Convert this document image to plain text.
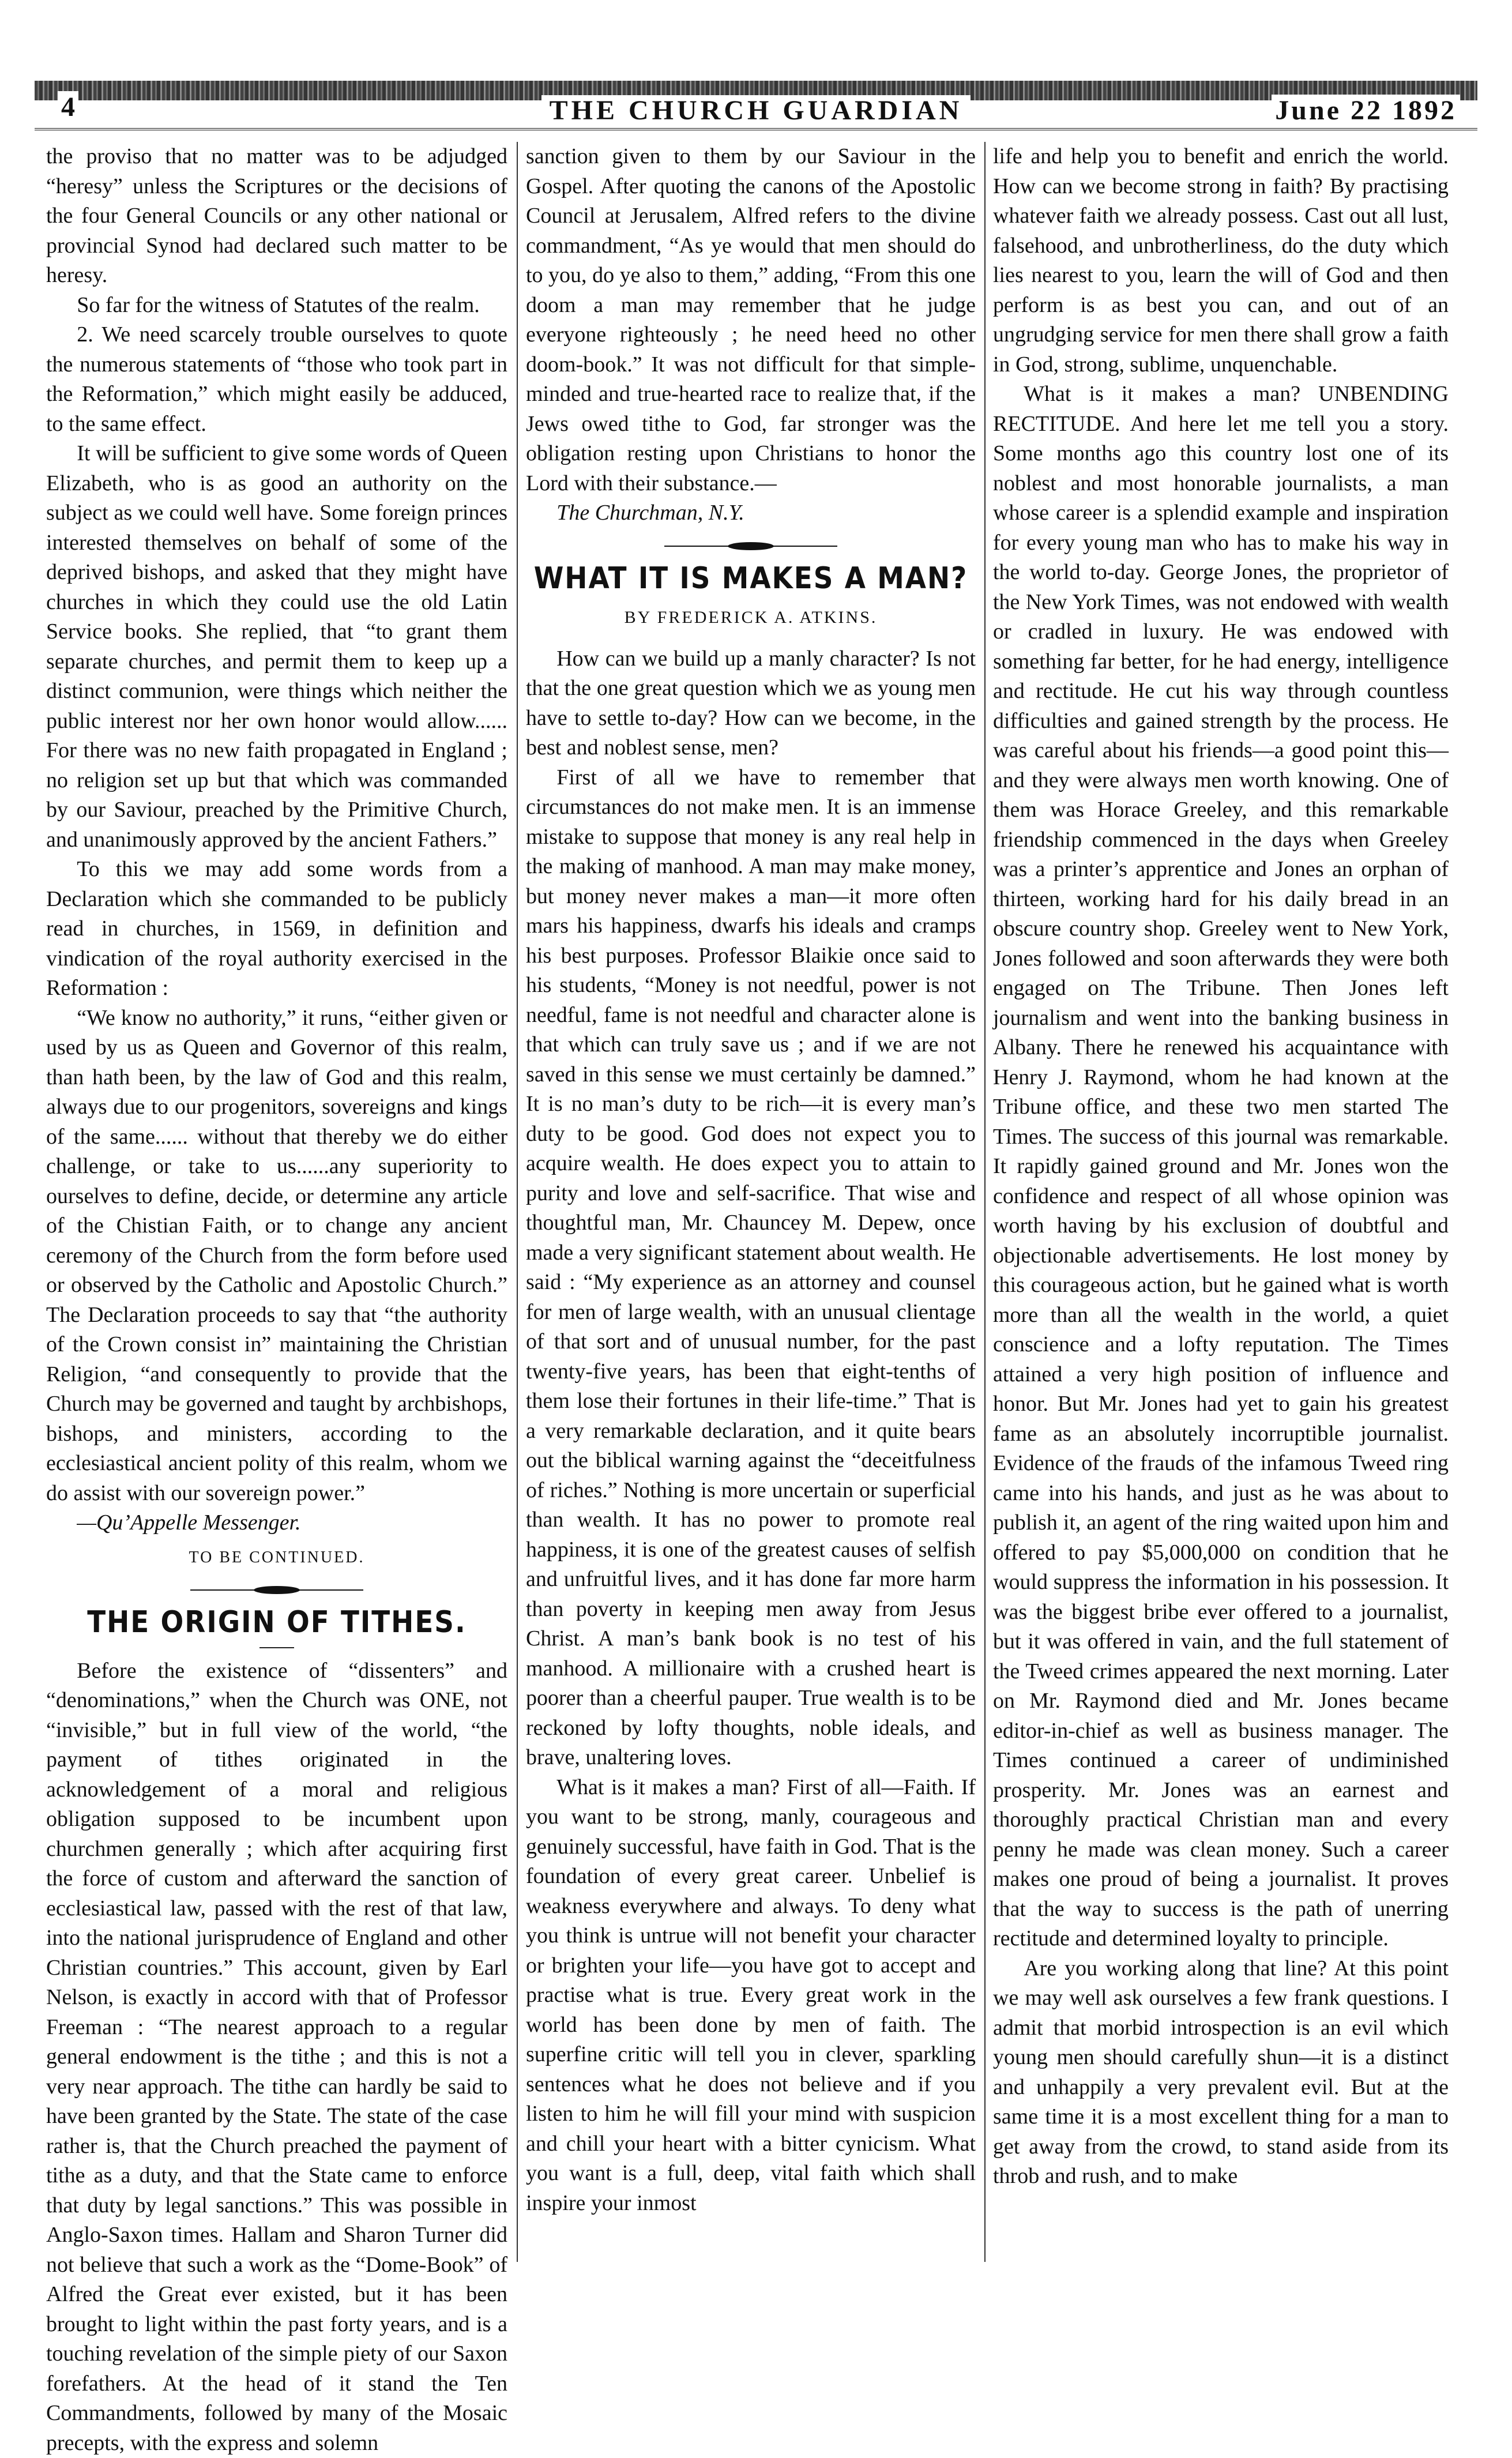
4	THE CHURCH GUARDIAN	June 22 1892

the proviso that no matter was to be adjudged “heresy” unless the Scriptures or the decisions of the four General Councils or any other national or provincial Synod had declared such matter to be heresy.

So far for the witness of Statutes of the realm.

2. We need scarcely trouble ourselves to quote the numerous statements of “those who took part in the Reformation,” which might easily be adduced, to the same effect.

It will be sufficient to give some words of Queen Elizabeth, who is as good an authority on the subject as we could well have. Some foreign princes interested themselves on behalf of some of the deprived bishops, and asked that they might have churches in which they could use the old Latin Service books. She replied, that “to grant them separate churches, and permit them to keep up a distinct communion, were things which neither the public interest nor her own honor would allow...... For there was no new faith propagated in England ; no religion set up but that which was commanded by our Saviour, preached by the Primitive Church, and unanimously approved by the ancient Fathers.”

To this we may add some words from a Declaration which she commanded to be publicly read in churches, in 1569, in definition and vindication of the royal authority exercised in the Reformation :

“We know no authority,” it runs, “either given or used by us as Queen and Governor of this realm, than hath been, by the law of God and this realm, always due to our progenitors, sovereigns and kings of the same...... without that thereby we do either challenge, or take to us......any superiority to ourselves to define, decide, or determine any article of the Chistian Faith, or to change any ancient ceremony of the Church from the form before used or observed by the Catholic and Apostolic Church.” The Declaration proceeds to say that “the authority of the Crown consist in” maintaining the Christian Religion, “and consequently to provide that the Church may be governed and taught by archbishops, bishops, and ministers, according to the ecclesiastical ancient polity of this realm, whom we do assist with our sovereign power.”

—Qu’Appelle Messenger.

TO BE CONTINUED.
THE ORIGIN OF TITHES.

Before the existence of “dissenters” and “denominations,” when the Church was ONE, not “invisible,” but in full view of the world, “the payment of tithes originated in the acknowledgement of a moral and religious obligation supposed to be incumbent upon churchmen generally ; which after acquiring first the force of custom and afterward the sanction of ecclesiastical law, passed with the rest of that law, into the national jurisprudence of England and other Christian countries.” This account, given by Earl Nelson, is exactly in accord with that of Professor Freeman : “The nearest approach to a regular general endowment is the tithe ; and this is not a very near approach. The tithe can hardly be said to have been granted by the State. The state of the case rather is, that the Church preached the payment of tithe as a duty, and that the State came to enforce that duty by legal sanctions.” This was possible in Anglo-Saxon times. Hallam and Sharon Turner did not believe that such a work as the “Dome-Book” of Alfred the Great ever existed, but it has been brought to light within the past forty years, and is a touching revelation of the simple piety of our Saxon forefathers. At the head of it stand the Ten Commandments, followed by many of the Mosaic precepts, with the express and solemn

sanction given to them by our Saviour in the Gospel. After quoting the canons of the Apostolic Council at Jerusalem, Alfred refers to the divine commandment, “As ye would that men should do to you, do ye also to them,” adding, “From this one doom a man may remember that he judge everyone righteously ; he need heed no other doom-book.” It was not difficult for that simple-minded and true-hearted race to realize that, if the Jews owed tithe to God, far stronger was the obligation resting upon Christians to honor the Lord with their substance.—

The Churchman, N.Y.

WHAT IT IS MAKES A MAN?
BY FREDERICK A. ATKINS.

How can we build up a manly character? Is not that the one great question which we as young men have to settle to-day? How can we become, in the best and noblest sense, men?

First of all we have to remember that circumstances do not make men. It is an immense mistake to suppose that money is any real help in the making of manhood. A man may make money, but money never makes a man—it more often mars his happiness, dwarfs his ideals and cramps his best purposes. Professor Blaikie once said to his students, “Money is not needful, power is not needful, fame is not needful and character alone is that which can truly save us ; and if we are not saved in this sense we must certainly be damned.” It is no man’s duty to be rich—it is every man’s duty to be good. God does not expect you to acquire wealth. He does expect you to attain to purity and love and self-sacrifice. That wise and thoughtful man, Mr. Chauncey M. Depew, once made a very significant statement about wealth. He said : “My experience as an attorney and counsel for men of large wealth, with an unusual clientage of that sort and of unusual number, for the past twenty-five years, has been that eight-tenths of them lose their fortunes in their life-time.” That is a very remarkable declaration, and it quite bears out the biblical warning against the “deceitfulness of riches.” Nothing is more uncertain or superficial than wealth. It has no power to promote real happiness, it is one of the greatest causes of selfish and unfruitful lives, and it has done far more harm than poverty in keeping men away from Jesus Christ. A man’s bank book is no test of his manhood. A millionaire with a crushed heart is poorer than a cheerful pauper. True wealth is to be reckoned by lofty thoughts, noble ideals, and brave, unaltering loves.

What is it makes a man? First of all—Faith. If you want to be strong, manly, courageous and genuinely successful, have faith in God. That is the foundation of every great career. Unbelief is weakness everywhere and always. To deny what you think is untrue will not benefit your character or brighten your life—you have got to accept and practise what is true. Every great work in the world has been done by men of faith. The superfine critic will tell you in clever, sparkling sentences what he does not believe and if you listen to him he will fill your mind with suspicion and chill your heart with a bitter cynicism. What you want is a full, deep, vital faith which shall inspire your inmost

life and help you to benefit and enrich the world. How can we become strong in faith? By practising whatever faith we already possess. Cast out all lust, falsehood, and unbrotherliness, do the duty which lies nearest to you, learn the will of God and then perform is as best you can, and out of an ungrudging service for men there shall grow a faith in God, strong, sublime, unquenchable.

What is it makes a man? UNBENDING RECTITUDE. And here let me tell you a story. Some months ago this country lost one of its noblest and most honorable journalists, a man whose career is a splendid example and inspiration for every young man who has to make his way in the world to-day. George Jones, the proprietor of the New York Times, was not endowed with wealth or cradled in luxury. He was endowed with something far better, for he had energy, intelligence and rectitude. He cut his way through countless difficulties and gained strength by the process. He was careful about his friends—a good point this—and they were always men worth knowing. One of them was Horace Greeley, and this remarkable friendship commenced in the days when Greeley was a printer’s apprentice and Jones an orphan of thirteen, working hard for his daily bread in an obscure country shop. Greeley went to New York, Jones followed and soon afterwards they were both engaged on The Tribune. Then Jones left journalism and went into the banking business in Albany. There he renewed his acquaintance with Henry J. Raymond, whom he had known at the Tribune office, and these two men started The Times. The success of this journal was remarkable. It rapidly gained ground and Mr. Jones won the confidence and respect of all whose opinion was worth having by his exclusion of doubtful and objectionable advertisements. He lost money by this courageous action, but he gained what is worth more than all the wealth in the world, a quiet conscience and a lofty reputation. The Times attained a very high position of influence and honor. But Mr. Jones had yet to gain his greatest fame as an absolutely incorruptible journalist. Evidence of the frauds of the infamous Tweed ring came into his hands, and just as he was about to publish it, an agent of the ring waited upon him and offered to pay $5,000,000 on condition that he would suppress the information in his possession. It was the biggest bribe ever offered to a journalist, but it was offered in vain, and the full statement of the Tweed crimes appeared the next morning. Later on Mr. Raymond died and Mr. Jones became editor-in-chief as well as business manager. The Times continued a career of undiminished prosperity. Mr. Jones was an earnest and thoroughly practical Christian man and every penny he made was clean money. Such a career makes one proud of being a journalist. It proves that the way to success is the path of unerring rectitude and determined loyalty to principle.

Are you working along that line? At this point we may well ask ourselves a few frank questions. I admit that morbid introspection is an evil which young men should carefully shun—it is a distinct and unhappily a very prevalent evil. But at the same time it is a most excellent thing for a man to get away from the crowd, to stand aside from its throb and rush, and to make
